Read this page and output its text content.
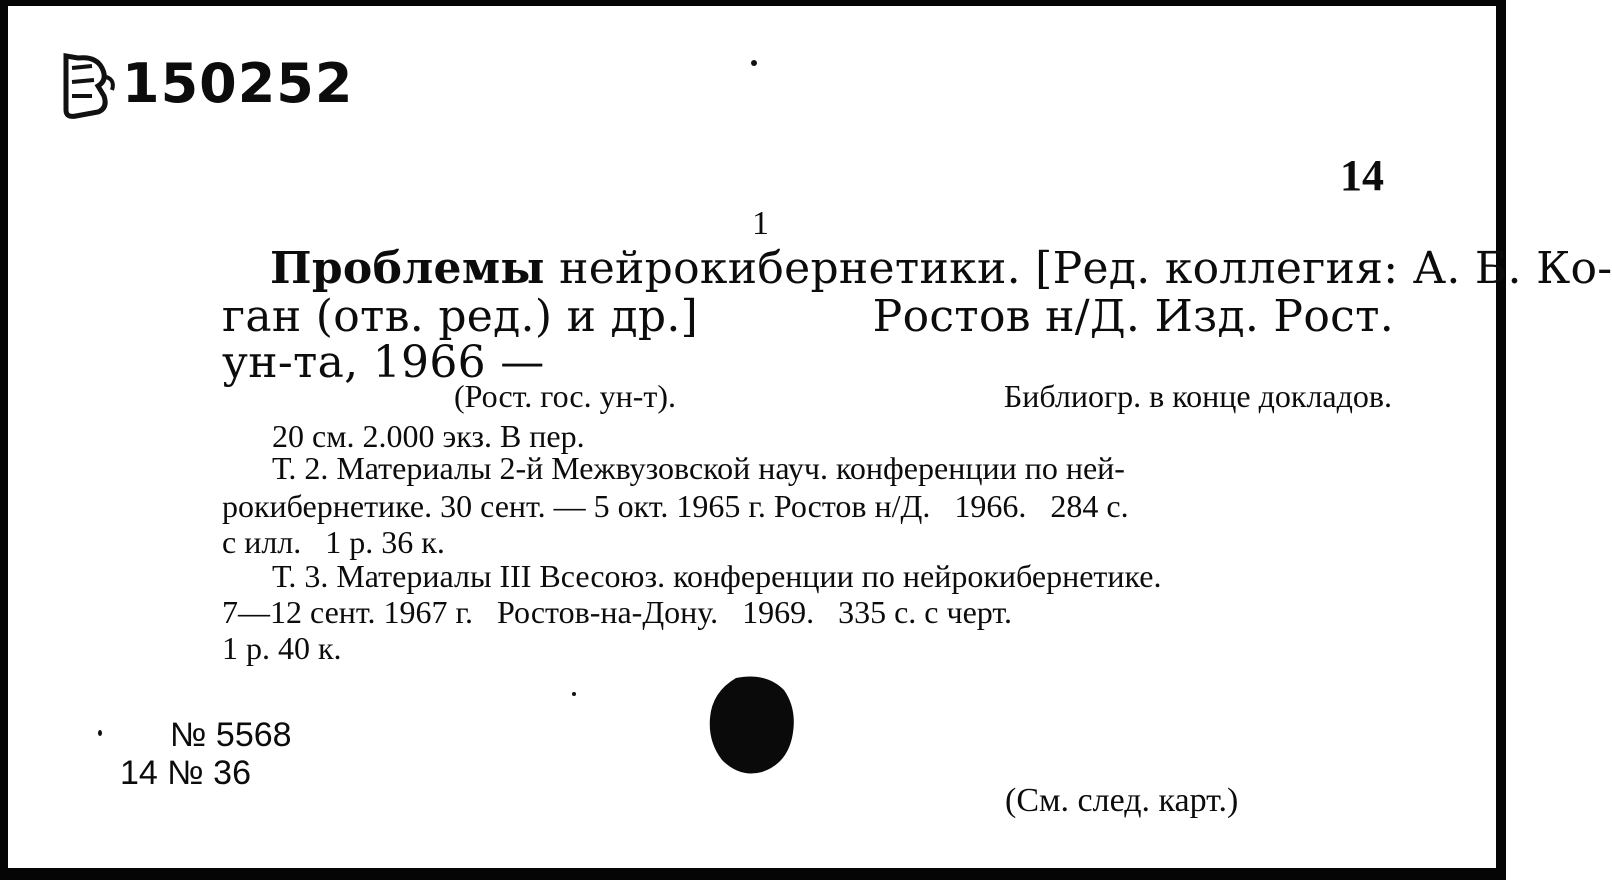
150252
14
1
Проблемы нейрокибернетики. [Ред. коллегия: А. Б. Ко-
ган (отв. ред.) и др.]	Ростов н/Д. Изд. Рост.
ун-та, 1966 —
(Рост. гос. ун-т).	Библиогр. в конце докладов.
20 см. 2.000 экз. В пер.
Т. 2. Материалы 2-й Межвузовской науч. конференции по ней-
рокибернетике. 30 сент. — 5 окт. 1965 г. Ростов н/Д.   1966.   284 с.
с илл.   1 р. 36 к.
Т. 3. Материалы III Всесоюз. конференции по нейрокибернетике.
7—12 сент. 1967 г.   Ростов-на-Дону.   1969.   335 с. с черт.
1 р. 40 к.
№ 5568
14 № 36
(См. след. карт.)
